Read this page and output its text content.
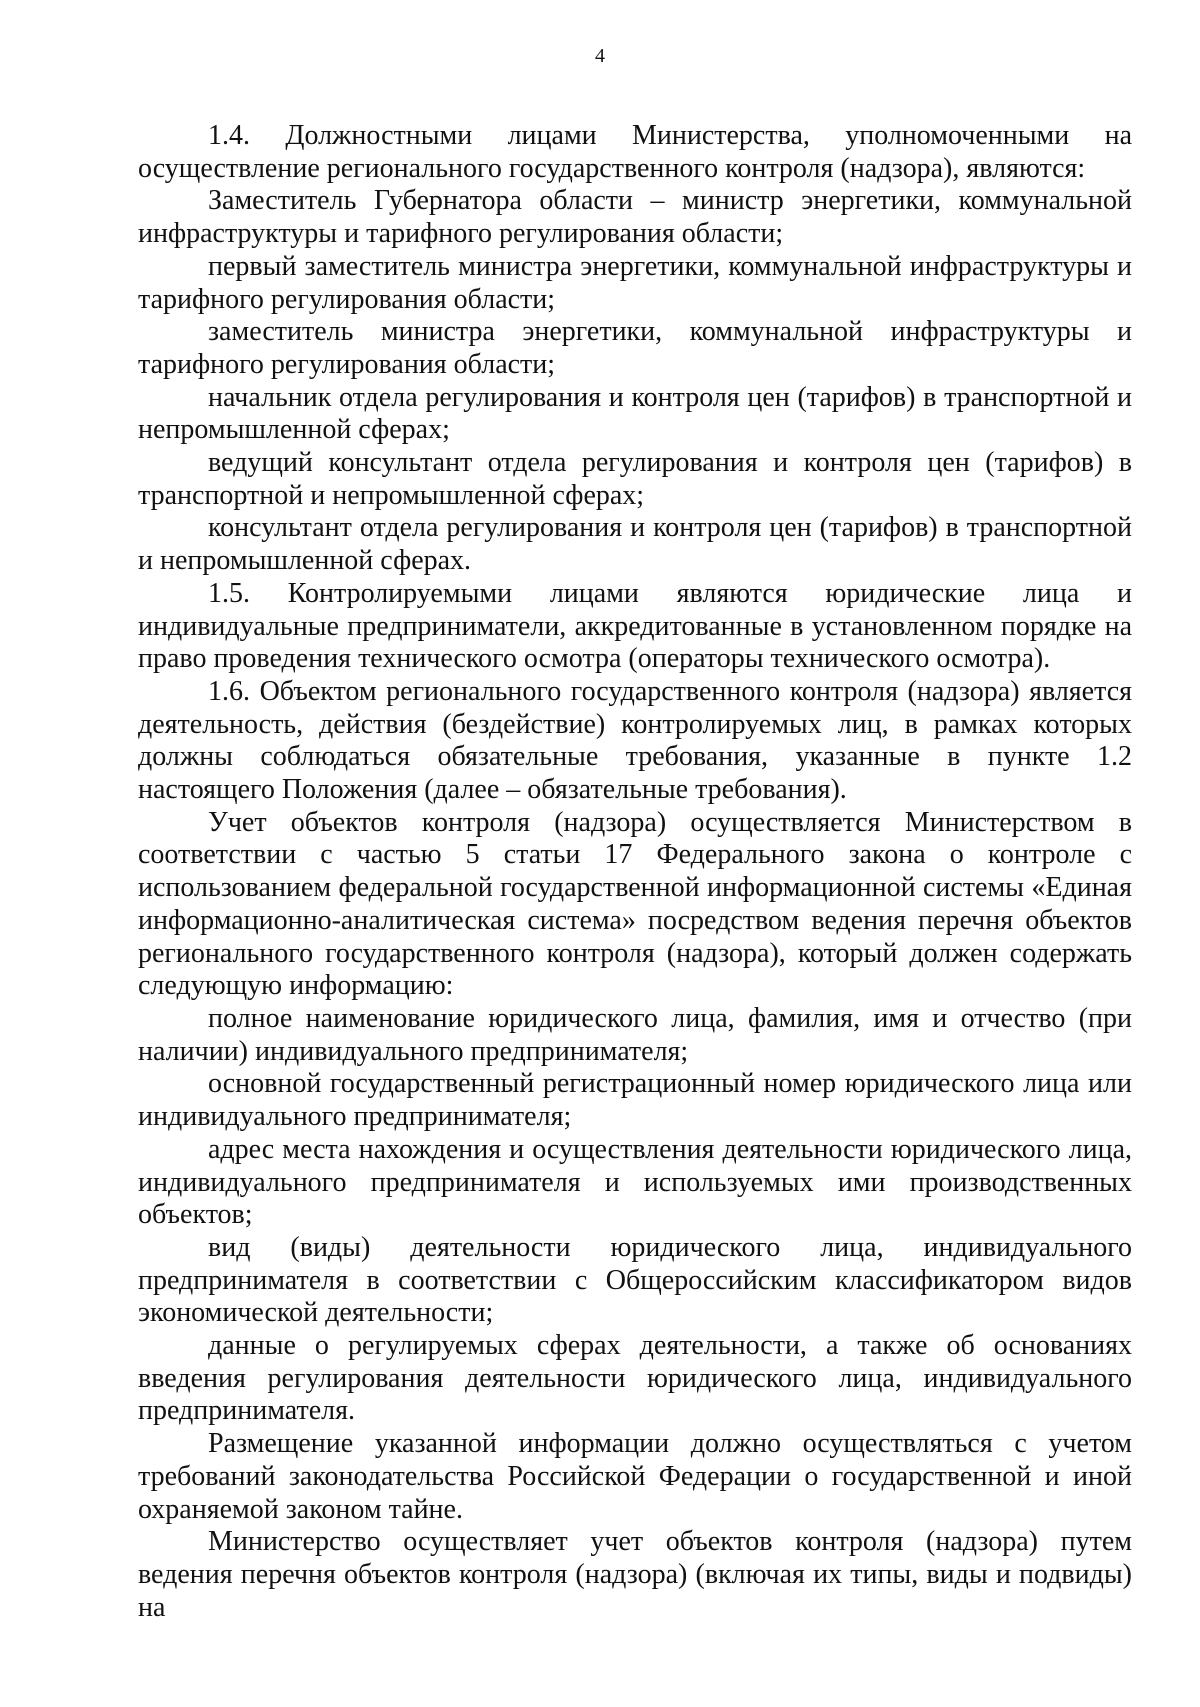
4

1.4. Должностными лицами Министерства, уполномоченными на осуществление регионального государственного контроля (надзора), являются:

Заместитель Губернатора области – министр энергетики, коммунальной инфраструктуры и тарифного регулирования области;

первый заместитель министра энергетики, коммунальной инфраструктуры и тарифного регулирования области;

заместитель министра энергетики, коммунальной инфраструктуры и тарифного регулирования области;

начальник отдела регулирования и контроля цен (тарифов) в транспортной и непромышленной сферах;

ведущий консультант отдела регулирования и контроля цен (тарифов) в транспортной и непромышленной сферах;

консультант отдела регулирования и контроля цен (тарифов) в транспортной и непромышленной сферах.

1.5. Контролируемыми лицами являются юридические лица и индивидуальные предприниматели, аккредитованные в установленном порядке на право проведения технического осмотра (операторы технического осмотра).

1.6. Объектом регионального государственного контроля (надзора) является деятельность, действия (бездействие) контролируемых лиц, в рамках которых должны соблюдаться обязательные требования, указанные в пункте 1.2 настоящего Положения (далее – обязательные требования).

Учет объектов контроля (надзора) осуществляется Министерством в соответствии с частью 5 статьи 17 Федерального закона о контроле с использованием федеральной государственной информационной системы «Единая информационно-аналитическая система» посредством ведения перечня объектов регионального государственного контроля (надзора), который должен содержать следующую информацию:

полное наименование юридического лица, фамилия, имя и отчество (при наличии) индивидуального предпринимателя;

основной государственный регистрационный номер юридического лица или индивидуального предпринимателя;

адрес места нахождения и осуществления деятельности юридического лица, индивидуального предпринимателя и используемых ими производственных объектов;

вид (виды) деятельности юридического лица, индивидуального предпринимателя в соответствии с Общероссийским классификатором видов экономической деятельности;

данные о регулируемых сферах деятельности, а также об основаниях введения регулирования деятельности юридического лица, индивидуального предпринимателя.

Размещение указанной информации должно осуществляться с учетом требований законодательства Российской Федерации о государственной и иной охраняемой законом тайне.

Министерство осуществляет учет объектов контроля (надзора) путем ведения перечня объектов контроля (надзора) (включая их типы, виды и подвиды) на
